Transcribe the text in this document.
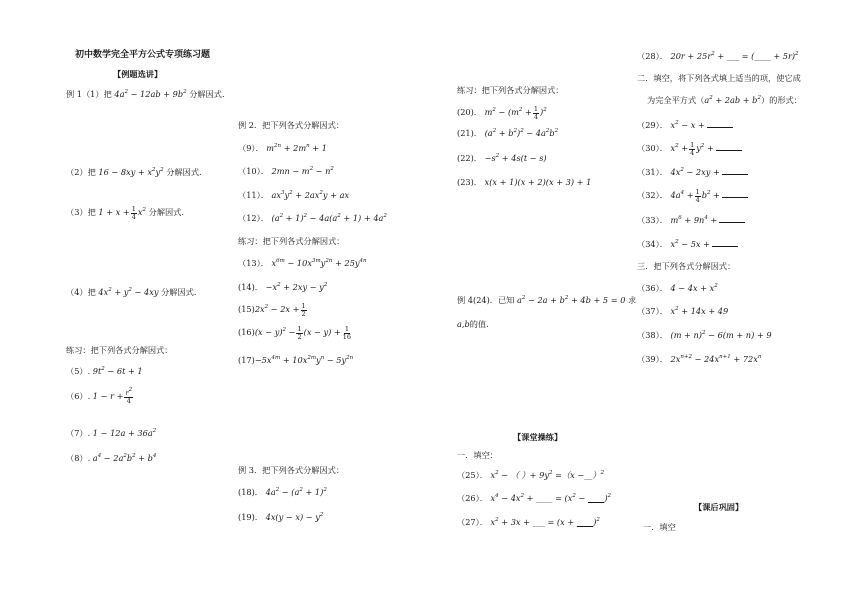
初中数学完全平方公式专项练习题
【例题选讲】
例 1（1）把 $4a^2 - 12ab + 9b^2$ 分解因式.
（2）把 $16 - 8xy + x^2y^2$ 分解因式.
（3）把 $1 + x + \frac{1}{4} x^2$ 分解因式.
（4）把 $4x^2 + y^2 - 4xy$ 分解因式.
练习：把下列各式分解因式：
（5）. $9t^2 - 6t + 1$
（6）. $1 - r + \frac{r^2}{4}$
（7）. $1 - 12a + 36a^2$
（8）. $a^4 - 2a^2b^2 + b^4$
例 2．把下列各式分解因式：
（9）． $m^{2n} + 2m^n + 1$
（10）． $2mn - m^2 - n^2$
（11）． $ax^3y^2 + 2ax^2y$ + ax
（12）． $(a^2 + 1)^2 - 4a(a^2 + 1) + 4a^2$
练习：把下列各式分解因式：
（13）． $x^{6m} - 10x^{3m}y^{2n} + 25y^{4n}$
(14)． $-x^2 + 2xy - y^2$
$(15)2x^2 - 2x + \frac{1}{2}$
$(16)(x - y)^2 - \frac{1}{2} (x - y) + \frac{1}{16}$
$(17)-5x^{4m} + 10x^{2m}y^n - 5y^{2n}$
例 3．把下列各式分解因式：
(18)． $4a^2 - (a^2 + 1)^2$
(19)． $4x(y - x) - y^2$
练习：把下列各式分解因式：
(20)． $m^2 - (m^2 + \frac{1}{4} )^2$
(21)． $(a^2 + b^2)^2 - 4a^2b^2$
(22)． $-s^2 + 4s(t - s)$
(23)． x(x + 1)(x + 2)(x + 3) + 1
例 4(24)．已知 $a^2 - 2a + b^2 + 4b + 5 = 0$ 求
a,b的值.
【课堂操练】
一．填空：
（25）． $x^2$ − （ ）+ $9y^2 =(x$ −__）$^2$
（26）． $x^4 - 4x^2$ + ____ = ($x^2$ − ____)$^2$
（27）． $x^2 + 3x$ + ___ = (x + ____)$^2$
（28）． $20r + 25r^2$ + ___ = (____ + 5r)$^2$
二．填空，将下列各式填上适当的项，使它成
为完全平方式$(a^2 + 2ab + b^2)$的形式：
（29）． $x^2 - x$ +
（30）． $x^2 + \frac{1}{4} y^2$ +
（31）． $4x^2 - 2xy$ +
（32）． $4a^4 + \frac{1}{4} b^2$ +
（33）． $m^6 + 9n^4$ +
（34）． $x^2 - 5x$ +
三．把下列各式分解因式：
（36）． $4 - 4x + x^2$
（37）． $x^2 + 14x + 49$
（38）． $(m + n)^2 - 6(m + n) + 9$
（39）． $2x^{n+2} - 24x^{n+1} + 72x^n$
【课后巩固】
一．填空
